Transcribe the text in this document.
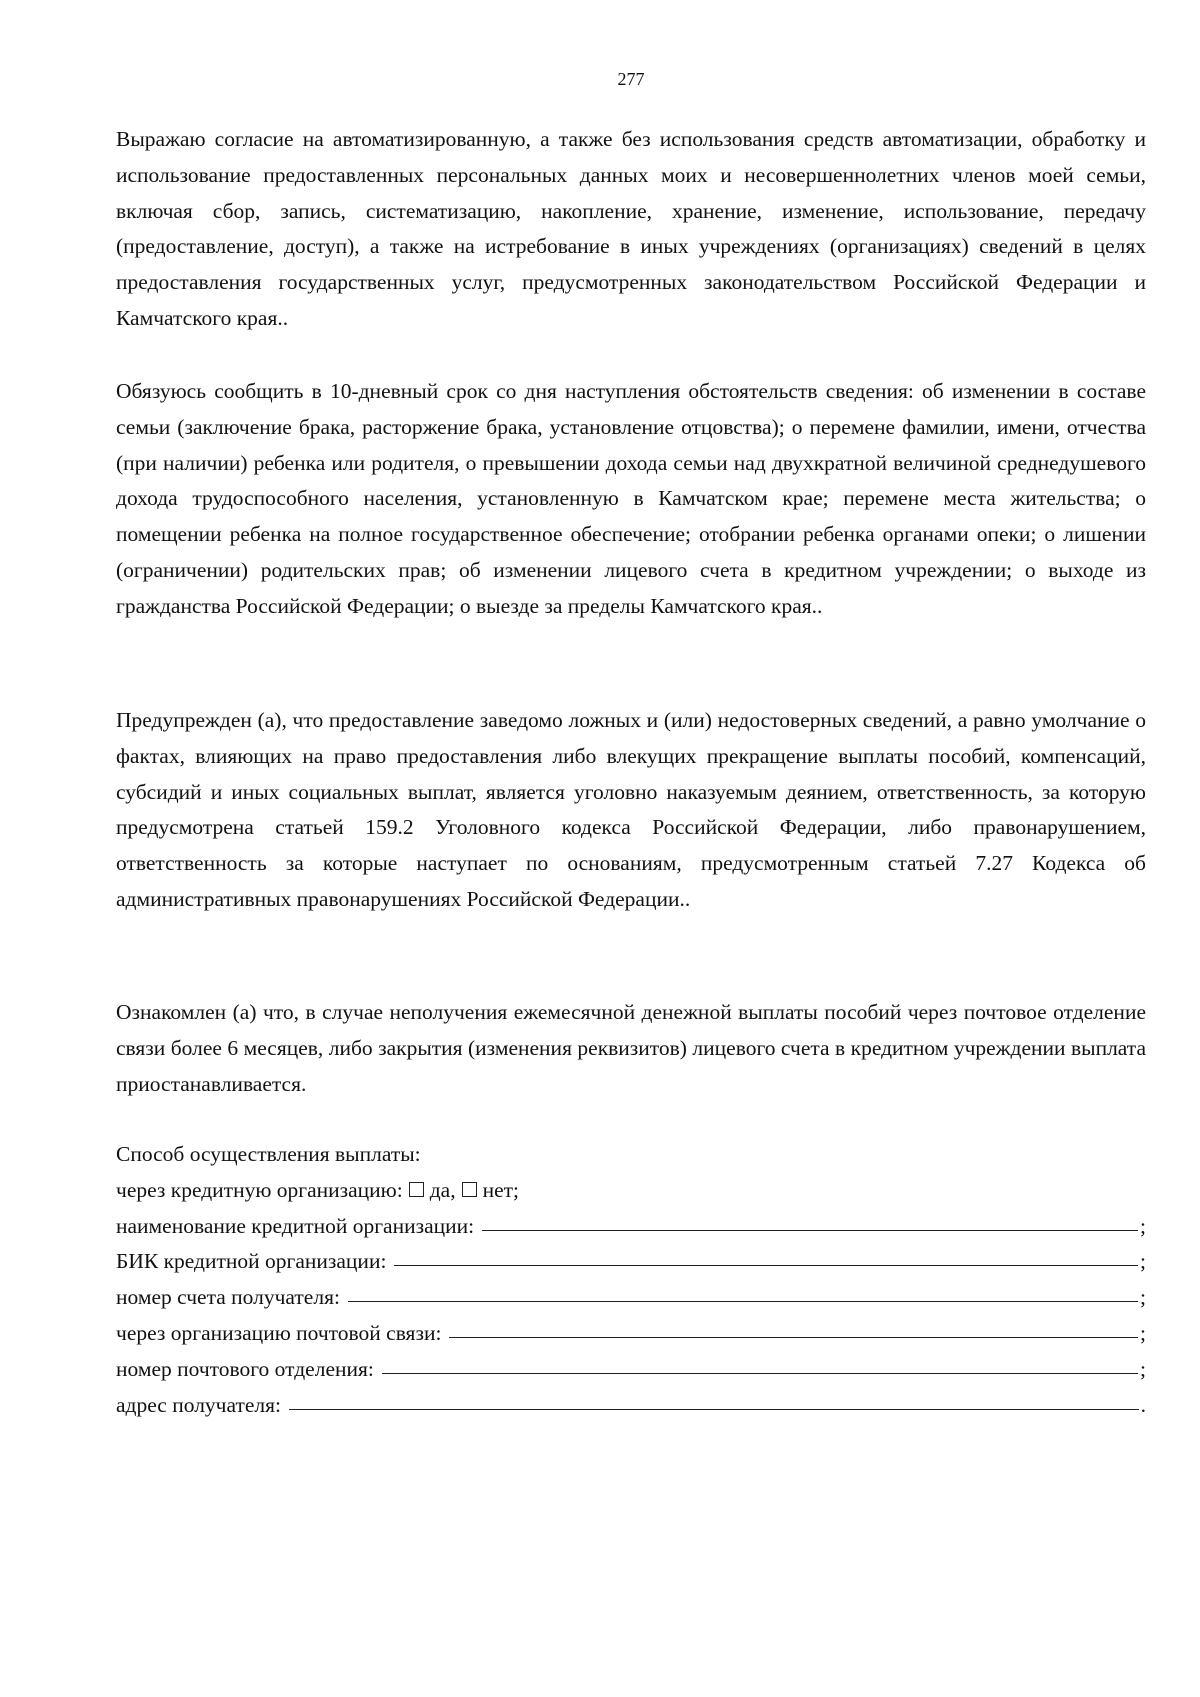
277

Выражаю согласие на автоматизированную, а также без использования средств автоматизации, обработку и использование предоставленных персональных данных моих и несовершеннолетних членов моей семьи, включая сбор, запись, систематизацию, накопление, хранение, изменение, использование, передачу (предоставление, доступ), а также на истребование в иных учреждениях (организациях) сведений в целях предоставления государственных услуг, предусмотренных законодательством Российской Федерации и Камчатского края..

Обязуюсь сообщить в 10-дневный срок со дня наступления обстоятельств сведения: об изменении в составе семьи (заключение брака, расторжение брака, установление отцовства); о перемене фамилии, имени, отчества (при наличии) ребенка или родителя, о превышении дохода семьи над двухкратной величиной среднедушевого дохода трудоспособного населения, установленную в Камчатском крае; перемене места жительства; о помещении ребенка на полное государственное обеспечение; отобрании ребенка органами опеки; о лишении (ограничении) родительских прав; об изменении лицевого счета в кредитном учреждении; о выходе из гражданства Российской Федерации; о выезде за пределы Камчатского края..

Предупрежден (а), что предоставление заведомо ложных и (или) недостоверных сведений, а равно умолчание о фактах, влияющих на право предоставления либо влекущих прекращение выплаты пособий, компенсаций, субсидий и иных социальных выплат, является уголовно наказуемым деянием, ответственность, за которую предусмотрена статьей 159.2 Уголовного кодекса Российской Федерации, либо правонарушением, ответственность за которые наступает по основаниям, предусмотренным статьей 7.27 Кодекса об административных правонарушениях Российской Федерации..

Ознакомлен (а) что, в случае неполучения ежемесячной денежной выплаты пособий через почтовое отделение связи более 6 месяцев, либо закрытия (изменения реквизитов) лицевого счета в кредитном учреждении выплата приостанавливается.

Способ осуществления выплаты:
через кредитную организацию: да, нет;
наименование кредитной организации:	;
БИК кредитной организации:	;
номер счета получателя:	;
через организацию почтовой связи:	;
номер почтового отделения:	;
адрес получателя:	.
